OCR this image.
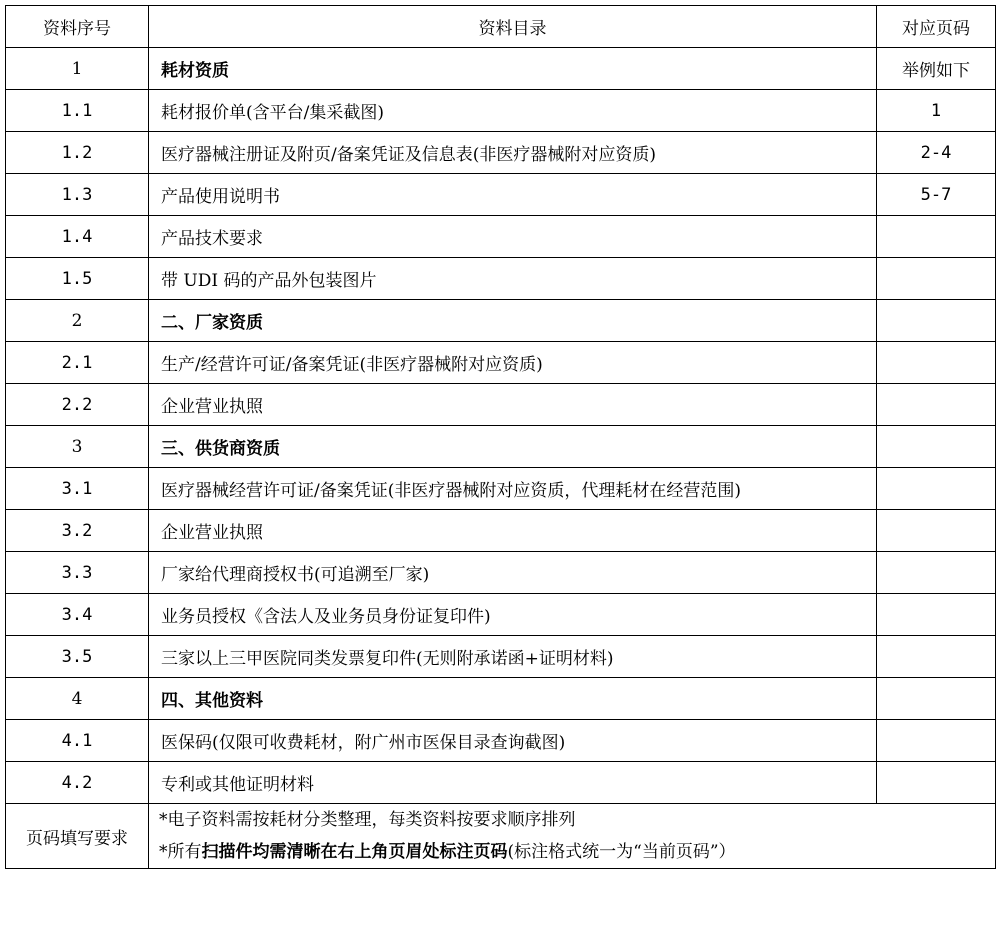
资料序号	资料目录	对应页码
1	耗材资质	举例如下
1.1	耗材报价单(含平台/集采截图)	1
1.2	医疗器械注册证及附页/备案凭证及信息表(非医疗器械附对应资质)	2-4
1.3	产品使用说明书	5-7
1.4	产品技术要求	
1.5	带 UDI 码的产品外包装图片	
2	二、厂家资质	
2.1	生产/经营许可证/备案凭证(非医疗器械附对应资质)	
2.2	企业营业执照	
3	三、供货商资质	
3.1	医疗器械经营许可证/备案凭证(非医疗器械附对应资质，代理耗材在经营范围)	
3.2	企业营业执照	
3.3	厂家给代理商授权书(可追溯至厂家)	
3.4	业务员授权《含法人及业务员身份证复印件)	
3.5	三家以上三甲医院同类发票复印件(无则附承诺函+证明材料)	
4	四、其他资料	
4.1	医保码(仅限可收费耗材，附广州市医保目录查询截图)	
4.2	专利或其他证明材料	
页码填写要求	*电子资料需按耗材分类整理，每类资料按要求顺序排列
*所有扫描件均需清晰在右上角页眉处标注页码(标注格式统一为“当前页码”）	
